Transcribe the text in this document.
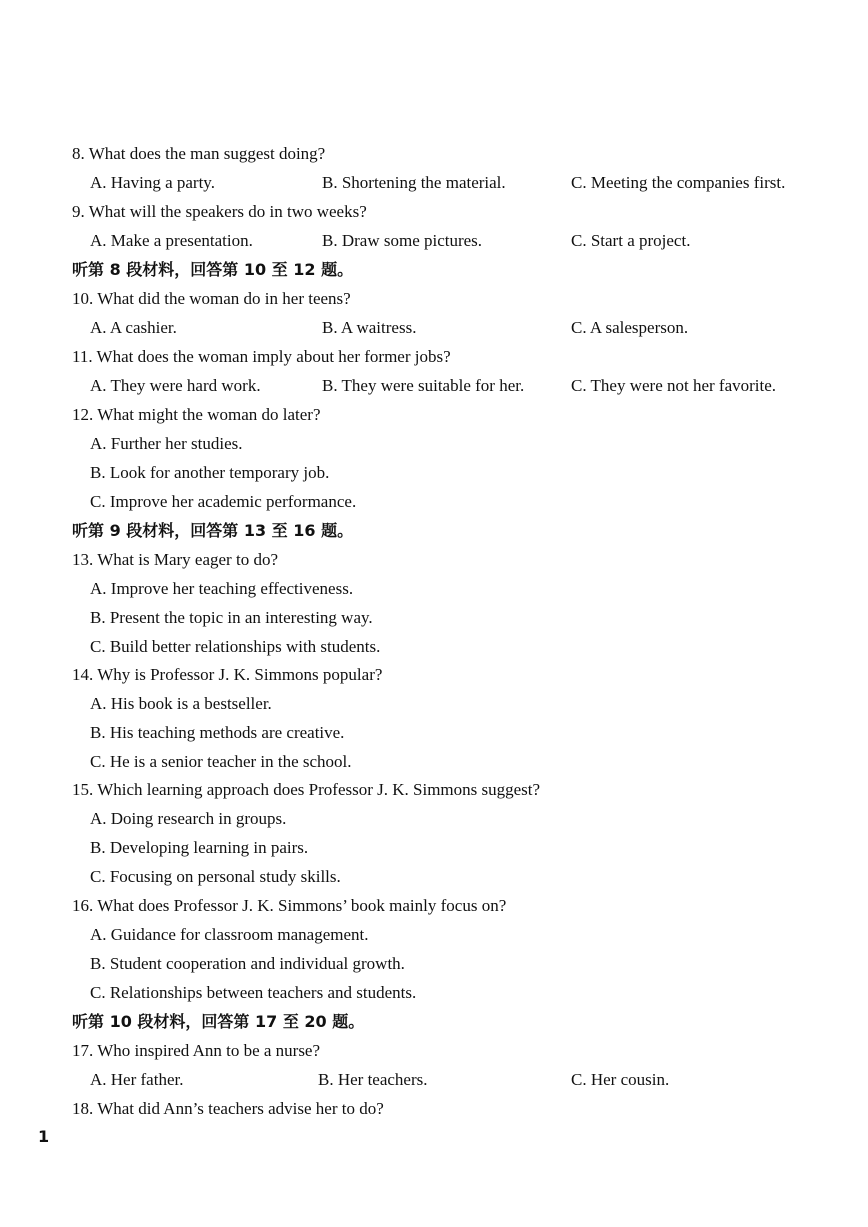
8. What does the man suggest doing?
A. Having a party.	B. Shortening the material.	C. Meeting the companies first.
9. What will the speakers do in two weeks?
A. Make a presentation.	B. Draw some pictures.	C. Start a project.
听第 8 段材料，回答第 10 至 12 题。
10. What did the woman do in her teens?
A. A cashier.	B. A waitress.	C. A salesperson.
11. What does the woman imply about her former jobs?
A. They were hard work.	B. They were suitable for her.	C. They were not her favorite.
12. What might the woman do later?
A. Further her studies.
B. Look for another temporary job.
C. Improve her academic performance.
听第 9 段材料，回答第 13 至 16 题。
13. What is Mary eager to do?
A. Improve her teaching effectiveness.
B. Present the topic in an interesting way.
C. Build better relationships with students.
14. Why is Professor J. K. Simmons popular?
A. His book is a bestseller.
B. His teaching methods are creative.
C. He is a senior teacher in the school.
15. Which learning approach does Professor J. K. Simmons suggest?
A. Doing research in groups.
B. Developing learning in pairs.
C. Focusing on personal study skills.
16. What does Professor J. K. Simmons’ book mainly focus on?
A. Guidance for classroom management.
B. Student cooperation and individual growth.
C. Relationships between teachers and students.
听第 10 段材料，回答第 17 至 20 题。
17. Who inspired Ann to be a nurse?
A. Her father.	B. Her teachers.	C. Her cousin.
18. What did Ann’s teachers advise her to do?
1
